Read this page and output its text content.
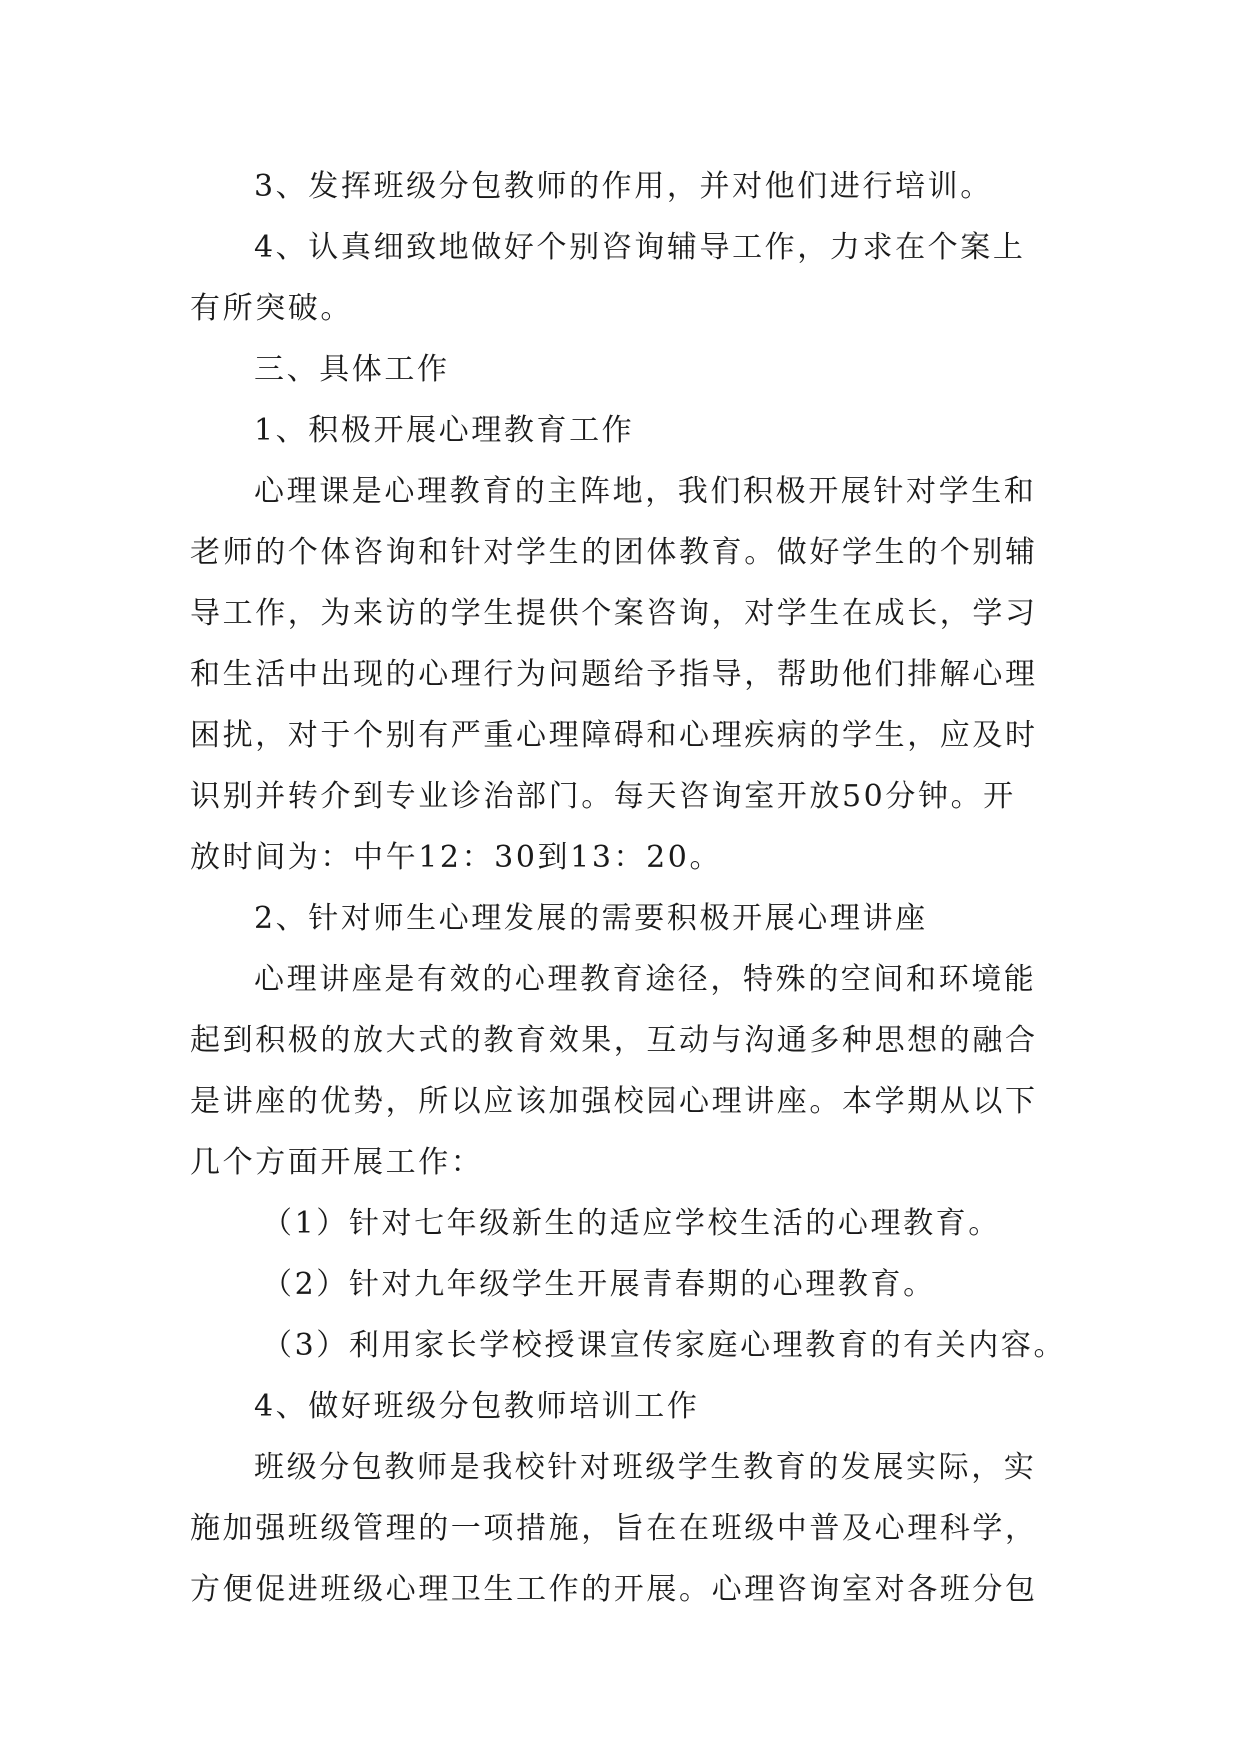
3、发挥班级分包教师的作用，并对他们进行培训。
4、认真细致地做好个别咨询辅导工作，力求在个案上
有所突破。
三、具体工作
1、积极开展心理教育工作
心理课是心理教育的主阵地，我们积极开展针对学生和
老师的个体咨询和针对学生的团体教育。做好学生的个别辅
导工作，为来访的学生提供个案咨询，对学生在成长，学习
和生活中出现的心理行为问题给予指导，帮助他们排解心理
困扰，对于个别有严重心理障碍和心理疾病的学生，应及时
识别并转介到专业诊治部门。每天咨询室开放50分钟。开
放时间为：中午12：30到13：20。
2、针对师生心理发展的需要积极开展心理讲座
心理讲座是有效的心理教育途径，特殊的空间和环境能
起到积极的放大式的教育效果，互动与沟通多种思想的融合
是讲座的优势，所以应该加强校园心理讲座。本学期从以下
几个方面开展工作：
（1）针对七年级新生的适应学校生活的心理教育。
（2）针对九年级学生开展青春期的心理教育。
（3）利用家长学校授课宣传家庭心理教育的有关内容。
4、做好班级分包教师培训工作
班级分包教师是我校针对班级学生教育的发展实际，实
施加强班级管理的一项措施，旨在在班级中普及心理科学，
方便促进班级心理卫生工作的开展。心理咨询室对各班分包
